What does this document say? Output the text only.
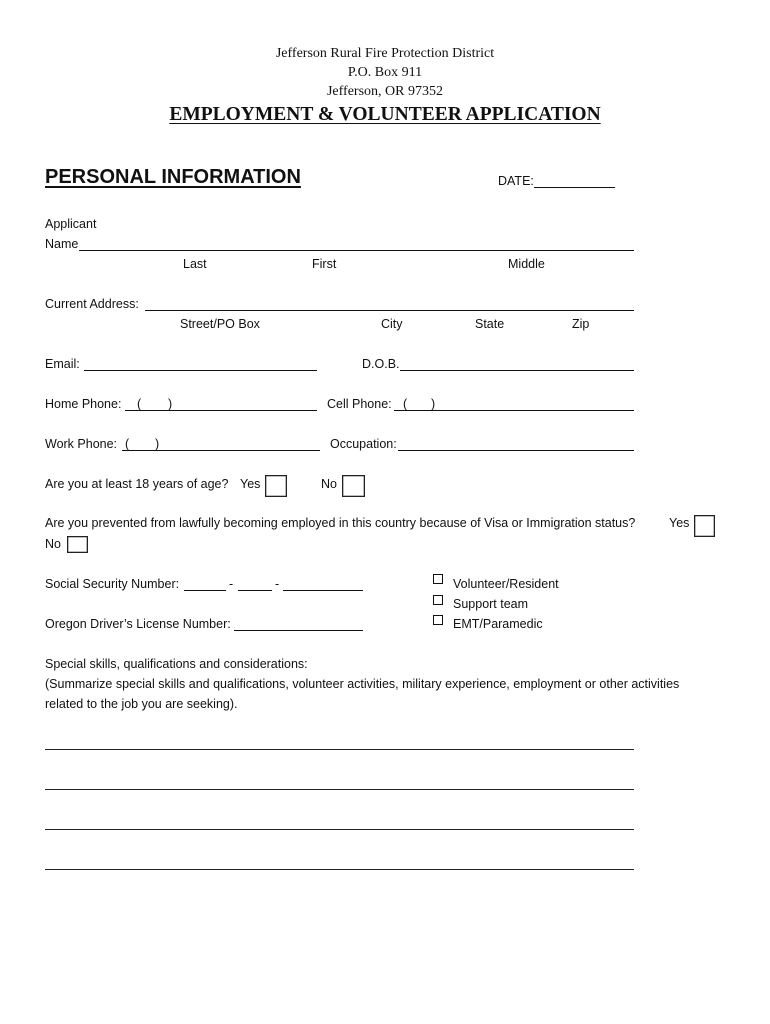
Jefferson Rural Fire Protection District
P.O. Box 911
Jefferson, OR 97352
EMPLOYMENT & VOLUNTEER APPLICATION
PERSONAL INFORMATION	DATE:
Applicant
Name
Last	First	Middle
Current Address:
Street/PO Box	City	State	Zip
Email:	D.O.B.
Home Phone: ( )	Cell Phone: ( )
Work Phone: ( )	Occupation:
Are you at least 18 years of age? Yes	No
Are you prevented from lawfully becoming employed in this country because of Visa or Immigration status?	Yes
No
Social Security Number:	-	-	Volunteer/Resident
Support team
EMT/Paramedic
Oregon Driver’s License Number:
Special skills, qualifications and considerations:
(Summarize special skills and qualifications, volunteer activities, military experience, employment or other activities
related to the job you are seeking).
